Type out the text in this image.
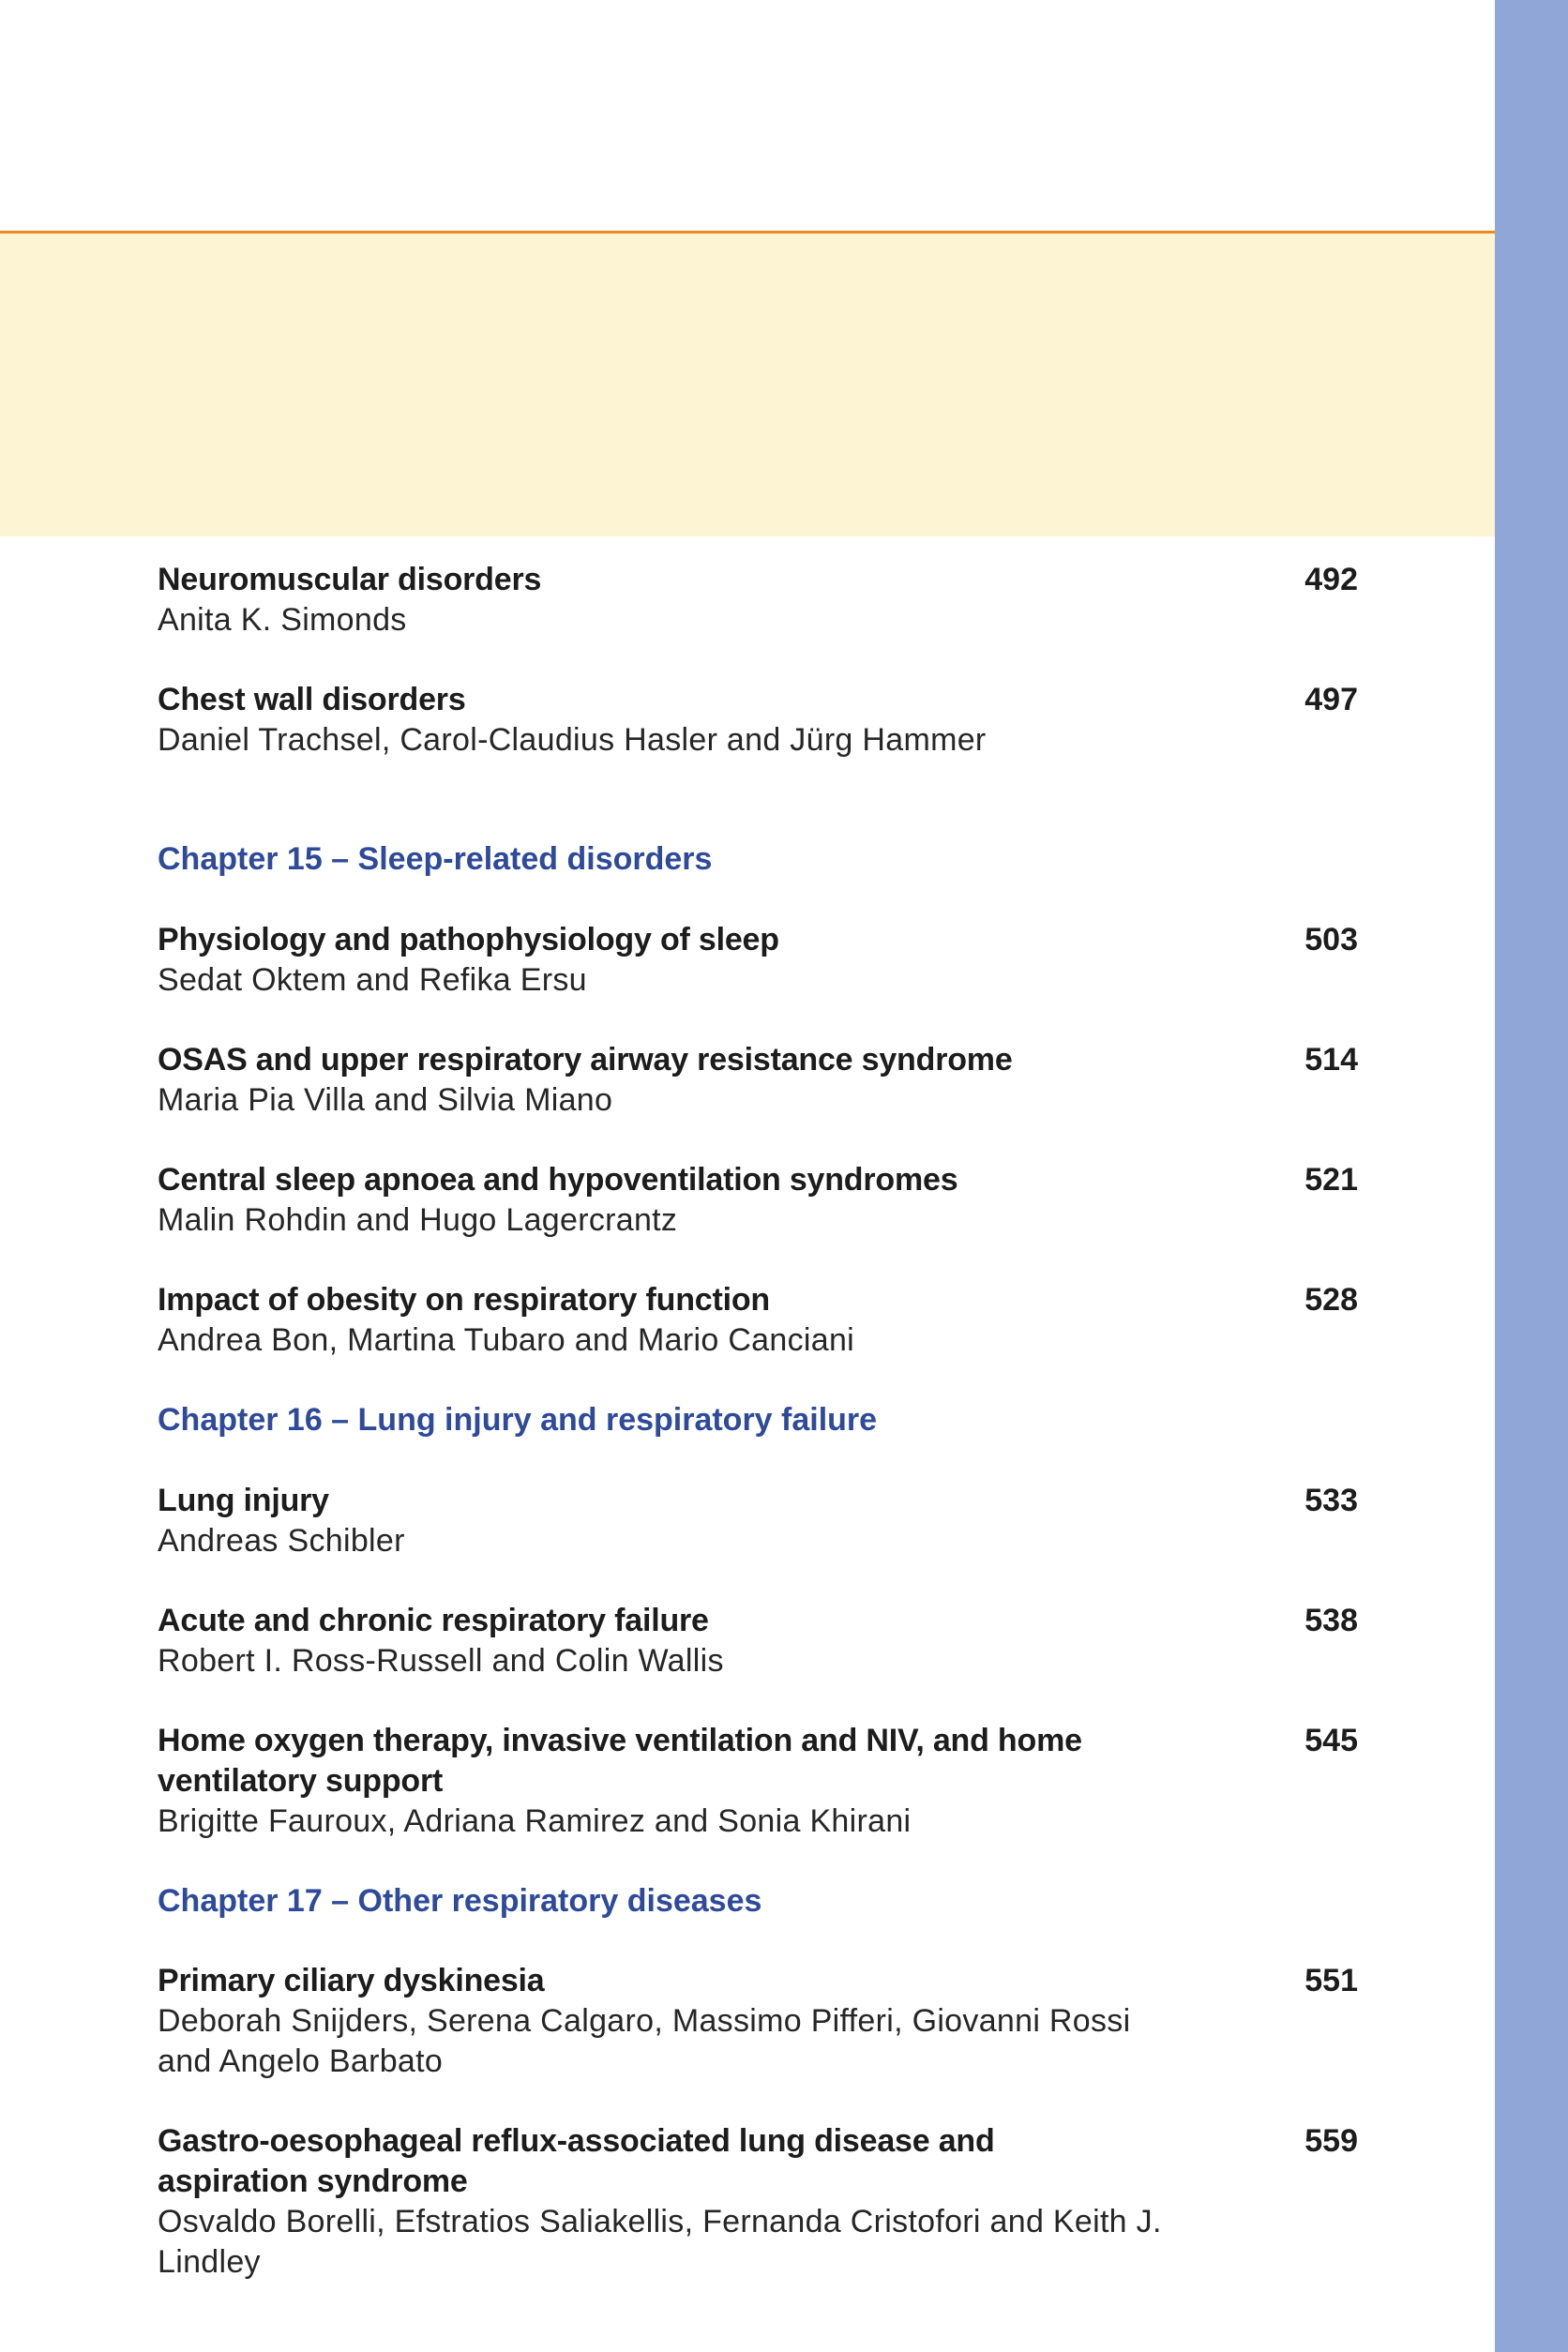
Neuromuscular disorders
Anita K. Simonds
492
Chest wall disorders
Daniel Trachsel, Carol-Claudius Hasler and Jürg Hammer
497
Chapter 15 – Sleep-related disorders
Physiology and pathophysiology of sleep
Sedat Oktem and Refika Ersu
503
OSAS and upper respiratory airway resistance syndrome
Maria Pia Villa and Silvia Miano
514
Central sleep apnoea and hypoventilation syndromes
Malin Rohdin and Hugo Lagercrantz
521
Impact of obesity on respiratory function
Andrea Bon, Martina Tubaro and Mario Canciani
528
Chapter 16 – Lung injury and respiratory failure
Lung injury
Andreas Schibler
533
Acute and chronic respiratory failure
Robert I. Ross-Russell and Colin Wallis
538
Home oxygen therapy, invasive ventilation and NIV, and home ventilatory support
Brigitte Fauroux, Adriana Ramirez and Sonia Khirani
545
Chapter 17 – Other respiratory diseases
Primary ciliary dyskinesia
Deborah Snijders, Serena Calgaro, Massimo Pifferi, Giovanni Rossi and Angelo Barbato
551
Gastro-oesophageal reflux-associated lung disease and aspiration syndrome
Osvaldo Borelli, Efstratios Saliakellis, Fernanda Cristofori and Keith J. Lindley
559
